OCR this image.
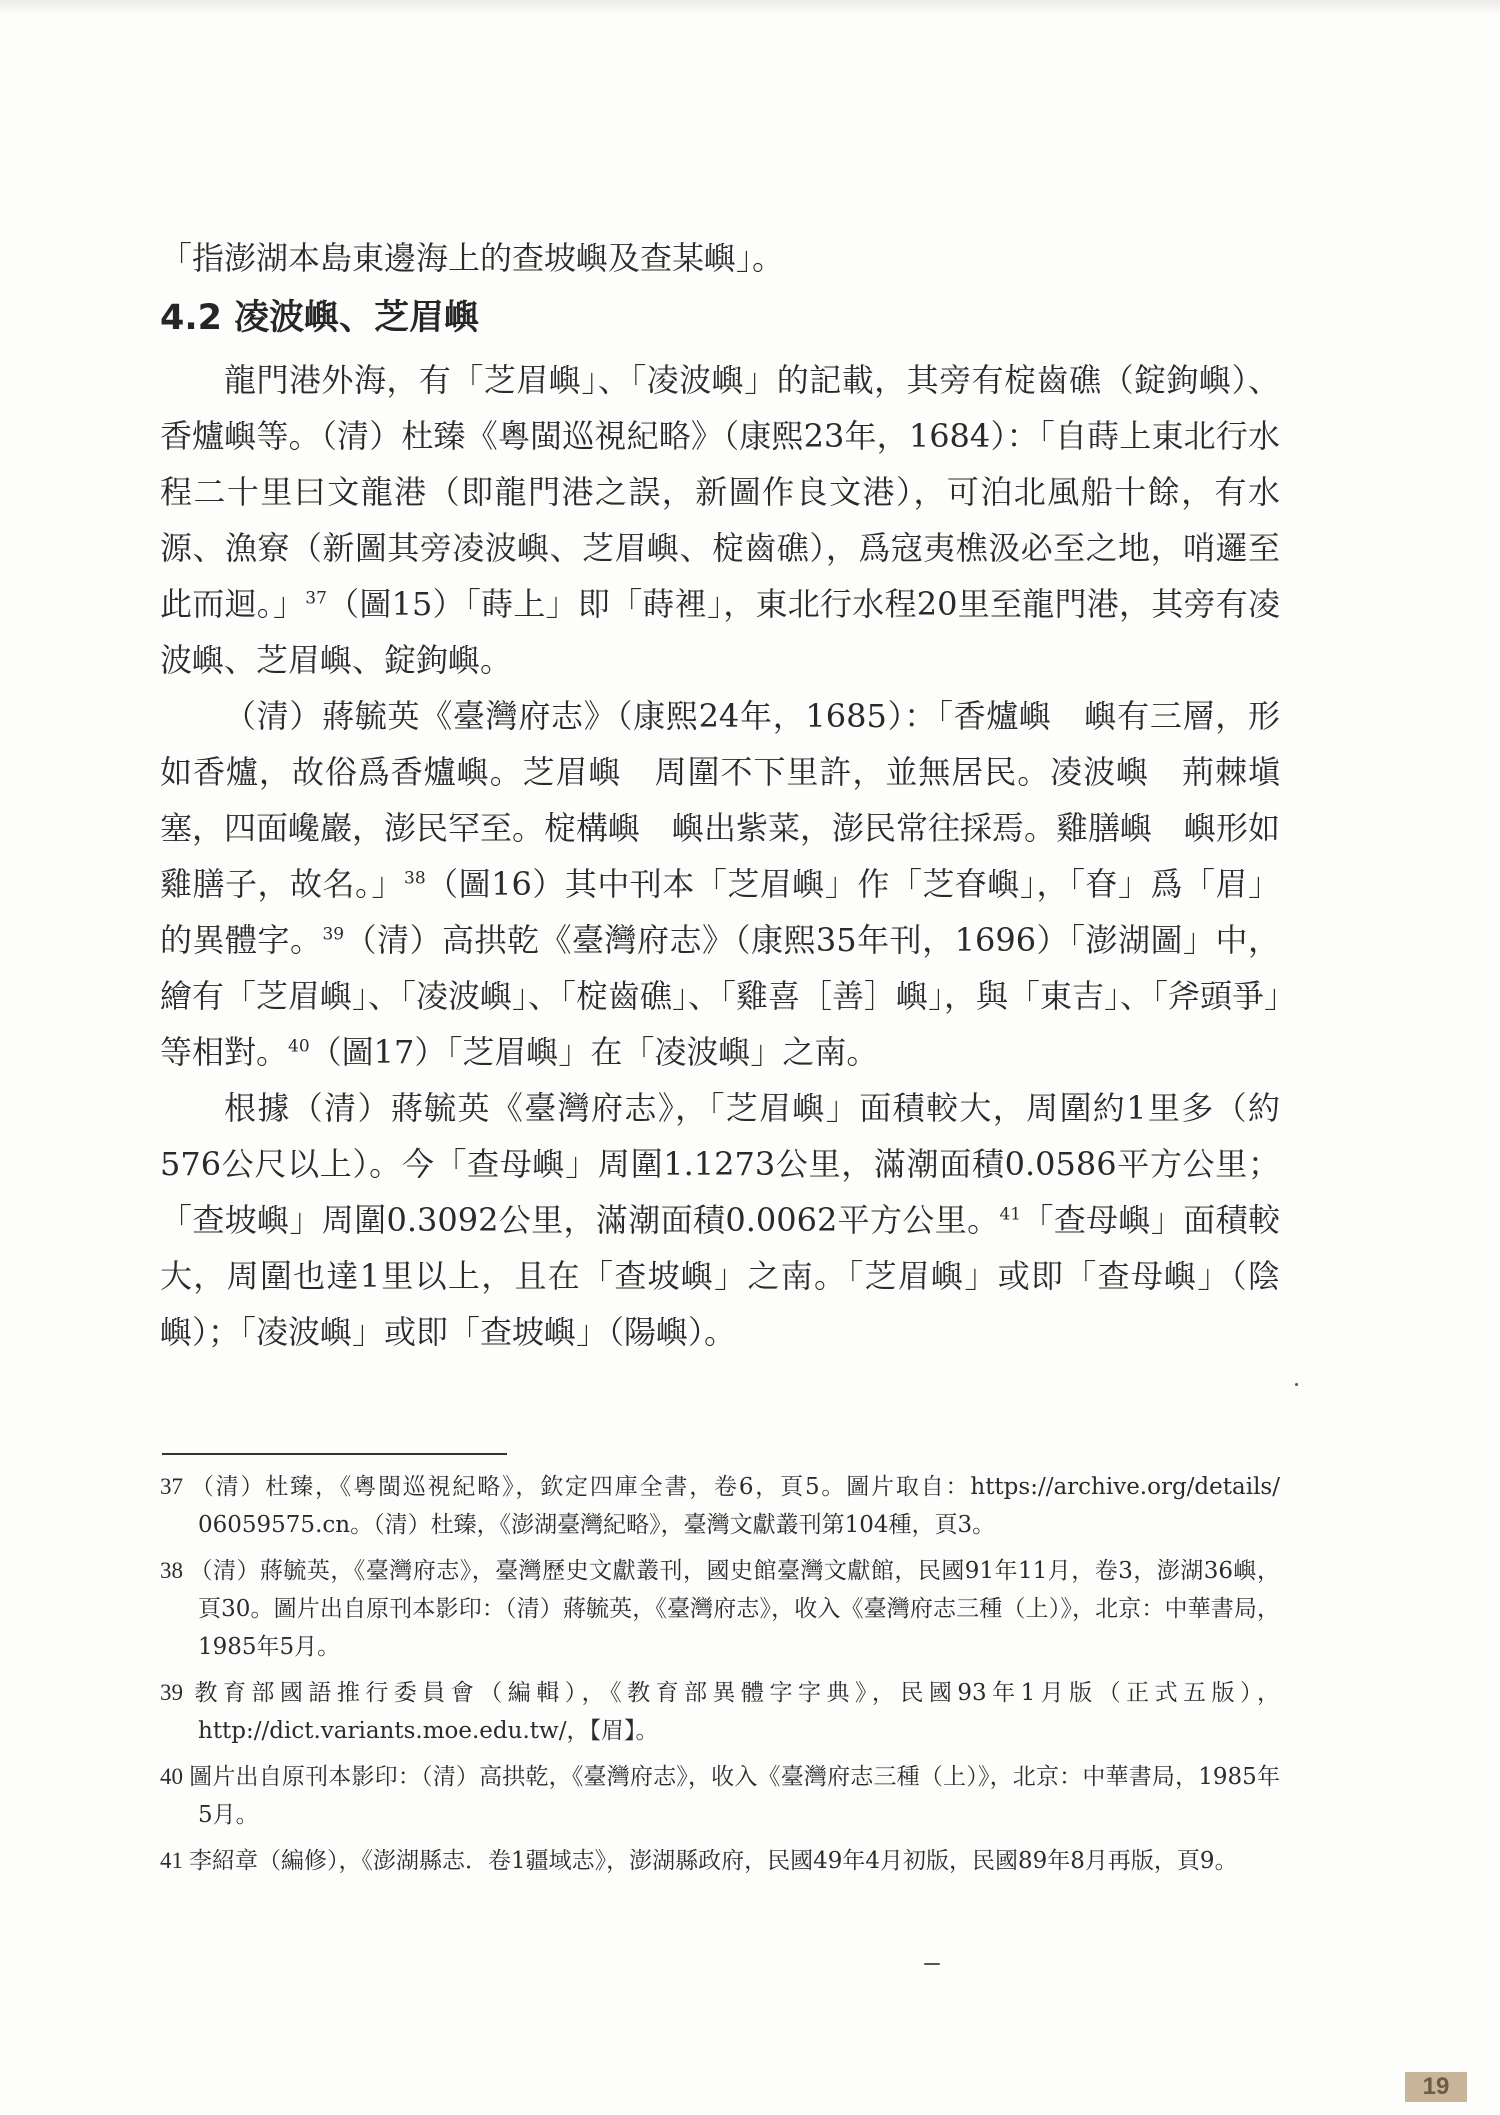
「指澎湖本島東邊海上的查坡嶼及查某嶼」。

4.2 凌波嶼、芝眉嶼

龍門港外海，有「芝眉嶼」、「凌波嶼」的記載，其旁有椗齒礁（錠鉤嶼）、香爐嶼等。（清）杜臻《粵閩巡視紀略》（康熙23年，1684）：「自蒔上東北行水程二十里曰文龍港（即龍門港之誤，新圖作良文港），可泊北風船十餘，有水源、漁寮（新圖其旁凌波嶼、芝眉嶼、椗齒礁），爲寇夷樵汲必至之地，哨邏至此而迴。」$^{37}$（圖15）「蒔上」即「蒔裡」，東北行水程20里至龍門港，其旁有凌波嶼、芝眉嶼、錠鉤嶼。

（清）蔣毓英《臺灣府志》（康熙24年，1685）：「香爐嶼　嶼有三層，形如香爐，故俗爲香爐嶼。芝眉嶼　周圍不下里許，並無居民。凌波嶼　荊棘塡塞，四面巉巖，澎民罕至。椗構嶼　嶼出紫菜，澎民常往採焉。雞膳嶼　嶼形如雞膳子，故名。」$^{38}$（圖16）其中刊本「芝眉嶼」作「芝眘嶼」，「眘」爲「眉」的異體字。$^{39}$（清）高拱乾《臺灣府志》（康熙35年刊，1696）「澎湖圖」中，繪有「芝眉嶼」、「凌波嶼」、「椗齒礁」、「雞喜［善］嶼」，與「東吉」、「斧頭爭」等相對。$^{40}$（圖17）「芝眉嶼」在「凌波嶼」之南。

根據（清）蔣毓英《臺灣府志》，「芝眉嶼」面積較大，周圍約1里多（約576公尺以上）。今「查母嶼」周圍1.1273公里，滿潮面積0.0586平方公里；「查坡嶼」周圍0.3092公里，滿潮面積0.0062平方公里。$^{41}$「查母嶼」面積較大，周圍也達1里以上，且在「查坡嶼」之南。「芝眉嶼」或即「查母嶼」（陰嶼）；「凌波嶼」或即「查坡嶼」（陽嶼）。

37 （清）杜臻，《粵閩巡視紀略》，欽定四庫全書，卷6，頁5。圖片取自：https://archive.org/details/ 06059575.cn。（清）杜臻，《澎湖臺灣紀略》，臺灣文獻叢刊第104種，頁3。

38 （清）蔣毓英，《臺灣府志》，臺灣歷史文獻叢刊，國史館臺灣文獻館，民國91年11月，卷3，澎湖36嶼，頁30。圖片出自原刊本影印：（清）蔣毓英，《臺灣府志》，收入《臺灣府志三種（上）》，北京：中華書局，1985年5月。

39 教育部國語推行委員會（編輯），《教育部異體字字典》，民國93年1月版（正式五版），http://dict.variants.moe.edu.tw/，【眉】。

40 圖片出自原刊本影印：（清）高拱乾，《臺灣府志》，收入《臺灣府志三種（上）》，北京：中華書局，1985年5月。

41 李紹章（編修），《澎湖縣志．卷1疆域志》，澎湖縣政府，民國49年4月初版，民國89年8月再版，頁9。

19
